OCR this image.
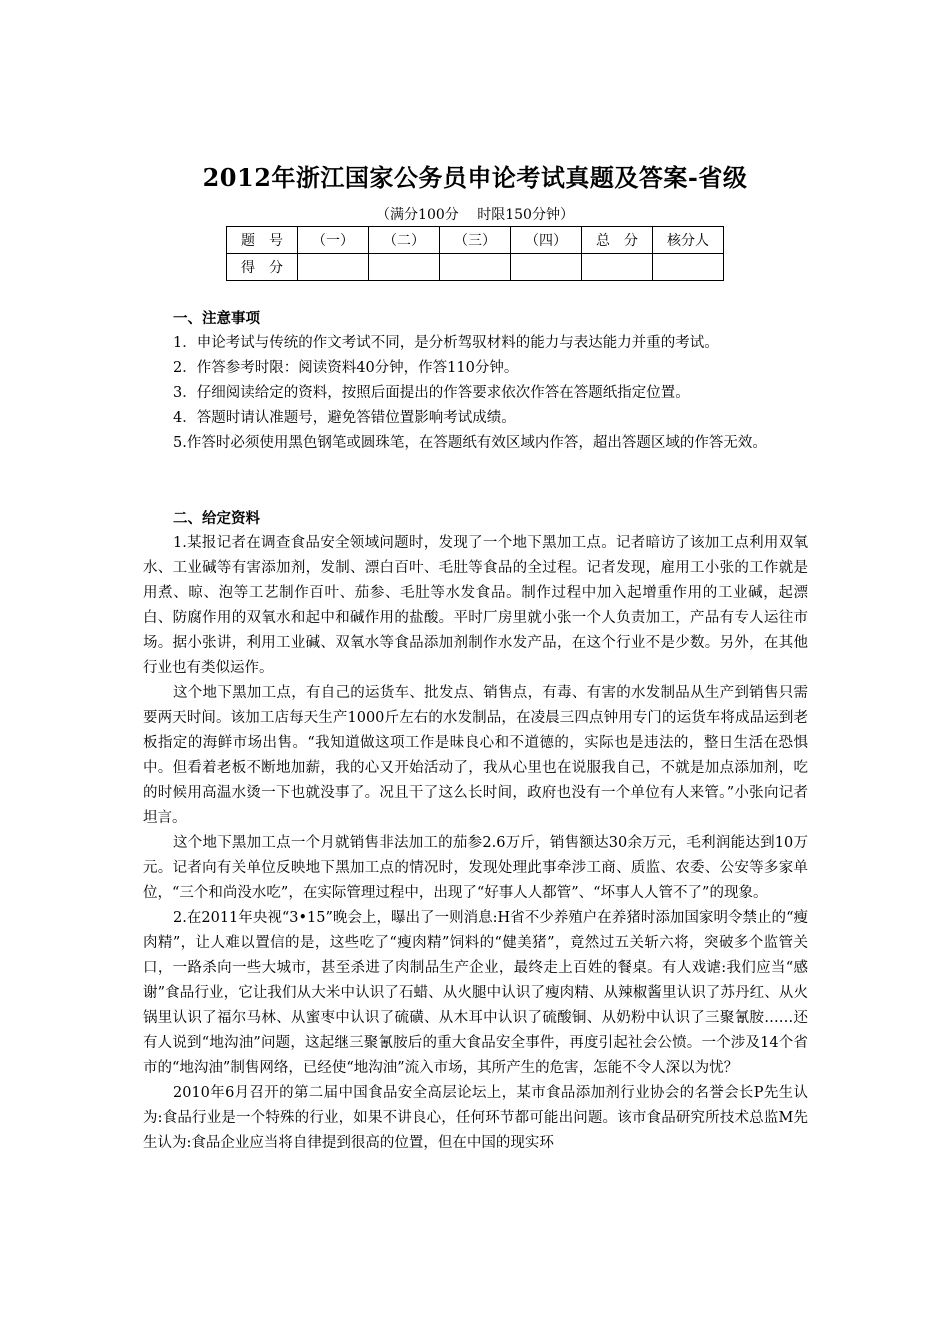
2012年浙江国家公务员申论考试真题及答案-省级
（满分100分　 时限150分钟）
题　号	（一）	（二）	（三）	（四）	总　分	核分人
得　分						
一、注意事项

1．申论考试与传统的作文考试不同，是分析驾驭材料的能力与表达能力并重的考试。

2．作答参考时限：阅读资料40分钟，作答110分钟。

3．仔细阅读给定的资料，按照后面提出的作答要求依次作答在答题纸指定位置。

4．答题时请认准题号，避免答错位置影响考试成绩。

5.作答时必须使用黑色钢笔或圆珠笔，在答题纸有效区域内作答，超出答题区域的作答无效。

二、给定资料

1.某报记者在调查食品安全领域问题时，发现了一个地下黑加工点。记者暗访了该加工点利用双氧水、工业碱等有害添加剂，发制、漂白百叶、毛肚等食品的全过程。记者发现，雇用工小张的工作就是用煮、晾、泡等工艺制作百叶、茄参、毛肚等水发食品。制作过程中加入起增重作用的工业碱，起漂白、防腐作用的双氧水和起中和碱作用的盐酸。平时厂房里就小张一个人负责加工，产品有专人运往市场。据小张讲，利用工业碱、双氧水等食品添加剂制作水发产品，在这个行业不是少数。另外，在其他行业也有类似运作。

这个地下黑加工点，有自己的运货车、批发点、销售点，有毒、有害的水发制品从生产到销售只需要两天时间。该加工店每天生产1000斤左右的水发制品，在凌晨三四点钟用专门的运货车将成品运到老板指定的海鲜市场出售。“我知道做这项工作是昧良心和不道德的，实际也是违法的，整日生活在恐惧中。但看着老板不断地加薪，我的心又开始活动了，我从心里也在说服我自己，不就是加点添加剂，吃的时候用高温水烫一下也就没事了。况且干了这么长时间，政府也没有一个单位有人来管。”小张向记者坦言。

这个地下黑加工点一个月就销售非法加工的茄参2.6万斤，销售额达30余万元，毛利润能达到10万元。记者向有关单位反映地下黑加工点的情况时，发现处理此事牵涉工商、质监、农委、公安等多家单位，“三个和尚没水吃”，在实际管理过程中，出现了“好事人人都管”、“坏事人人管不了”的现象。

2.在2011年央视“3•15”晚会上，曝出了一则消息:H省不少养殖户在养猪时添加国家明令禁止的“瘦肉精”，让人难以置信的是，这些吃了“瘦肉精”饲料的“健美猪”，竟然过五关斩六将，突破多个监管关口，一路杀向一些大城市，甚至杀进了肉制品生产企业，最终走上百姓的餐桌。有人戏谑:我们应当“感谢”食品行业，它让我们从大米中认识了石蜡、从火腿中认识了瘦肉精、从辣椒酱里认识了苏丹红、从火锅里认识了福尔马林、从蜜枣中认识了硫磺、从木耳中认识了硫酸铜、从奶粉中认识了三聚氰胺……还有人说到“地沟油”问题，这起继三聚氰胺后的重大食品安全事件，再度引起社会公愤。一个涉及14个省市的“地沟油”制售网络，已经使“地沟油”流入市场，其所产生的危害，怎能不令人深以为忧？

2010年6月召开的第二届中国食品安全高层论坛上，某市食品添加剂行业协会的名誉会长P先生认为:食品行业是一个特殊的行业，如果不讲良心，任何环节都可能出问题。该市食品研究所技术总监M先生认为:食品企业应当将自律提到很高的位置，但在中国的现实环
